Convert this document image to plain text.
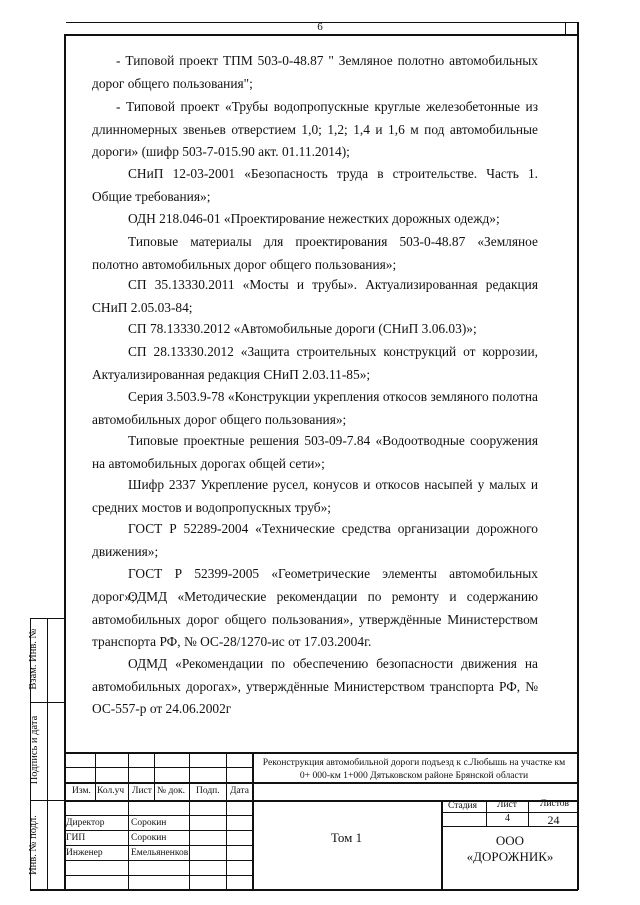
6
- Типовой проект ТПМ 503-0-48.87 " Земляное полотно автомобильных дорог общего пользования";
- Типовой проект «Трубы водопропускные круглые железобетонные из длинномерных звеньев отверстием 1,0; 1,2; 1,4 и 1,6 м под автомобильные дороги» (шифр 503-7-015.90 акт. 01.11.2014);
СНиП 12-03-2001 «Безопасность труда в строительстве. Часть 1. Общие требования»;
ОДН 218.046-01 «Проектирование нежестких дорожных одежд»;
Типовые материалы для проектирования 503-0-48.87 «Земляное полотно автомобильных дорог общего пользования»;
СП 35.13330.2011 «Мосты и трубы». Актуализированная редакция СНиП 2.05.03-84;
СП 78.13330.2012 «Автомобильные дороги (СНиП 3.06.03)»;
СП 28.13330.2012 «Защита строительных конструкций от коррозии, Актуализированная редакция СНиП 2.03.11-85»;
Серия 3.503.9-78 «Конструкции укрепления откосов земляного полотна автомобильных дорог общего пользования»;
Типовые проектные решения 503-09-7.84 «Водоотводные сооружения на автомобильных дорогах общей сети»;
Шифр 2337 Укрепление русел, конусов и откосов насыпей у малых и средних мостов и водопропускных труб»;
ГОСТ Р 52289-2004 «Технические средства организации дорожного движения»;
ГОСТ Р 52399-2005 «Геометрические элементы автомобильных дорог»;
ОДМД «Методические рекомендации по ремонту и содержанию автомобильных дорог общего пользования», утверждённые Министерством транспорта РФ, № ОС-28/1270-ис от 17.03.2004г.
ОДМД «Рекомендации по обеспечению безопасности движения на автомобильных дорогах», утверждённые Министерством транспорта РФ, № ОС-557-р от 24.06.2002г
Взам. Инв. №
Подпись и дата
Инв. № подл.
Реконструкция автомобильной дороги подъезд к с.Любышь на участке км 0+ 000-км 1+000 Дятьковском районе Брянской области
Изм. Кол.уч Лист № док. Подп. Дата
Директор	Сорокин
ГИП	Сорокин
Инженер	Емельяненков
Том 1
Стадия Лист Листов
4	24
ООО
«ДОРОЖНИК»
